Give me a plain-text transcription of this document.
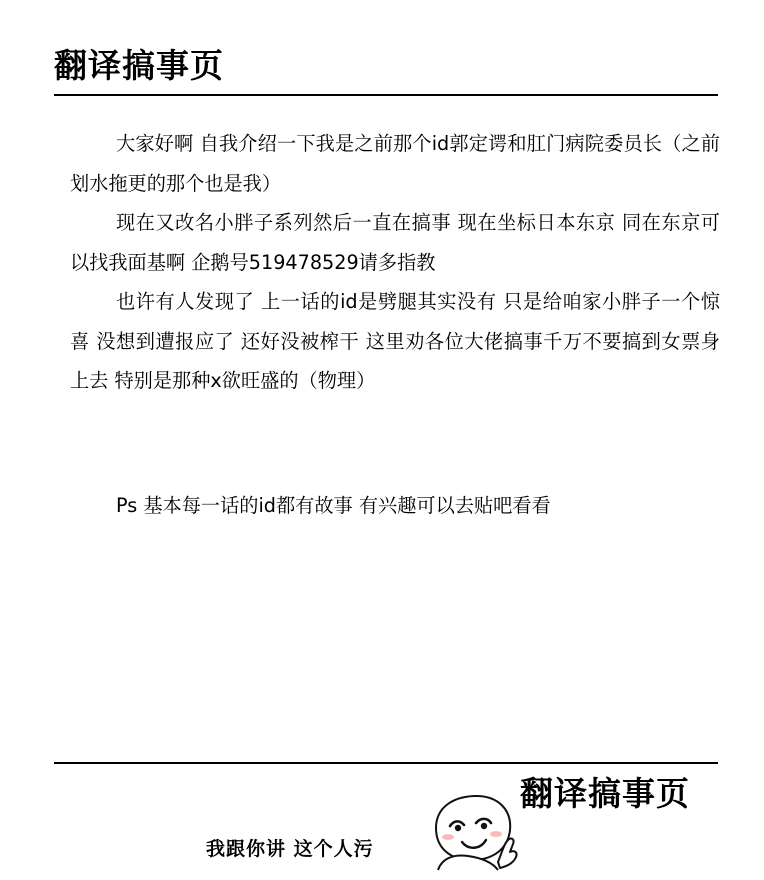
翻译搞事页

大家好啊 自我介绍一下我是之前那个id郭定谔和肛门病院委员长（之前划水拖更的那个也是我）

现在又改名小胖子系列然后一直在搞事 现在坐标日本东京 同在东京可以找我面基啊 企鹅号519478529请多指教

也许有人发现了 上一话的id是劈腿其实没有 只是给咱家小胖子一个惊喜 没想到遭报应了 还好没被榨干 这里劝各位大佬搞事千万不要搞到女票身上去 特别是那种x欲旺盛的（物理）

Ps 基本每一话的id都有故事 有兴趣可以去贴吧看看
翻译搞事页
我跟你讲 这个人污
